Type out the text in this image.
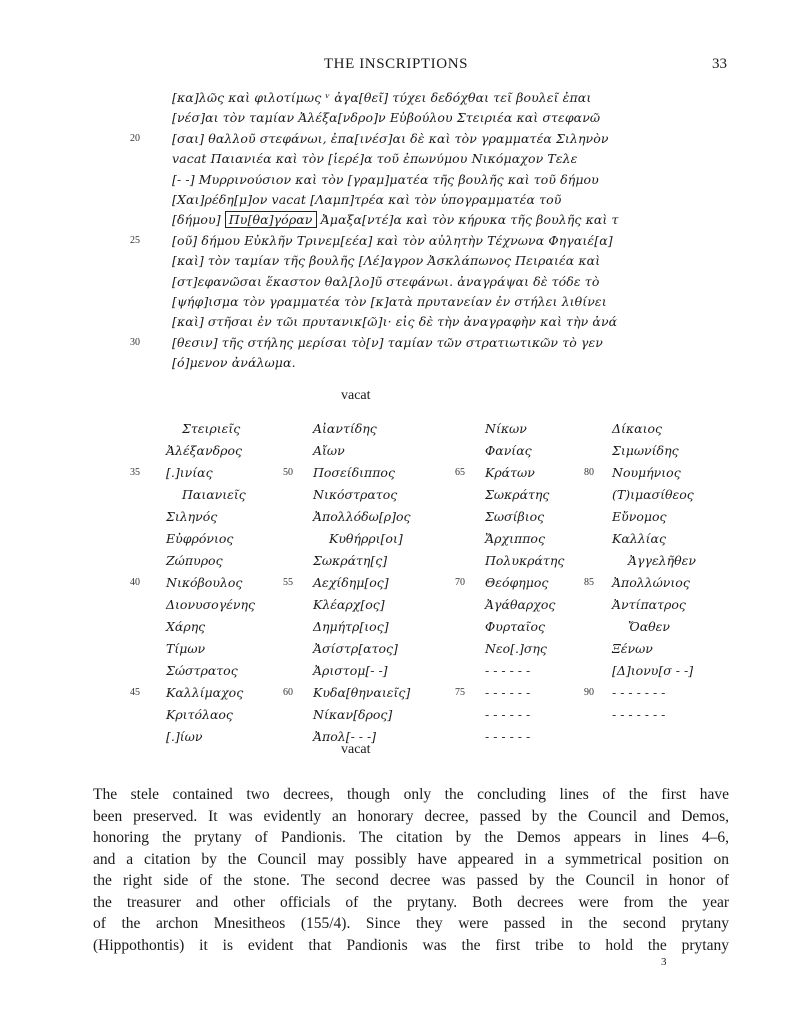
THE INSCRIPTIONS	33
[κα]λῶς καὶ φιλοτίμως ᵛ ἀγα[θεῖ] τύχει δεδόχθαι τεῖ βουλεῖ ἐπαι
[νέσ]αι τὸν ταμίαν Ἀλέξα[νδρο]ν Εὐβούλου Στειριέα καὶ στεφανῶ
[σαι] θαλλοῦ στεφάνωι, ἐπα[ινέσ]αι δὲ καὶ τὸν γραμματέα Σιληνὸν
20
vacat Παιανιέα καὶ τὸν [ἱερέ]α τοῦ ἐπωνύμου Νικόμαχον Τελε
[- -] Μυρρινούσιον καὶ τὸν [γραμ]ματέα τῆς βουλῆς καὶ τοῦ δήμου
[Χαι]ρέδη[μ]ον vacat [Λαμπ]τρέα καὶ τὸν ὑπογραμματέα τοῦ
[δήμου] Πυ[θα]γόραν Ἀμαξα[ντέ]α καὶ τὸν κήρυκα τῆς βουλῆς καὶ τ
[οῦ] δήμου Εὐκλῆν Τρινεμ[εέα] καὶ τὸν αὐλητὴν Τέχνωνα Φηγαιέ[α]
25
[καὶ] τὸν ταμίαν τῆς βουλῆς [Λέ]αγρον Ἀσκλάπωνος Πειραιέα καὶ
[στ]εφανῶσαι ἕκαστον θαλ[λο]ῦ στεφάνωι. ἀναγράψαι δὲ τόδε τὸ
[ψήφ]ισμα τὸν γραμματέα τὸν [κ]ατὰ πρυτανείαν ἐν στήλει λιθίνει
[καὶ] στῆσαι ἐν τῶι πρυτανικ[ῶ]ι· εἰς δὲ τὴν ἀναγραφὴν καὶ τὴν ἀνά
[θεσιν] τῆς στήλης μερίσαι τὸ[ν] ταμίαν τῶν στρατιωτικῶν τὸ γεν
30
[ό]μενον ἀνάλωμα.
vacat
Στειριεῖς
Ἀλέξανδρος
[.]ινίας
35
Παιανιεῖς
Σιληνός
Εὐφρόνιος
Ζώπυρος
Νικόβουλος
40
Διονυσογένης
Χάρης
Τίμων
Σώστρατος
Καλλίμαχος
45
Κριτόλαος
[.]ίων
Αἰαντίδης
Αἴων
Ποσείδιππος
50
Νικόστρατος
Ἀπολλόδω[ρ]ος
Κυθήρρι[οι]
Σωκράτη[ς]
Αεχίδημ[ος]
55
Κλέαρχ[ος]
Δημήτρ[ιος]
Ἀσίστρ[ατος]
Ἀριστομ[- -]
Κυδα[θηναιεῖς]
60
Νίκαν[δρος]
Ἀπολ[- - -]
Νίκων
Φανίας
Κράτων
65
Σωκράτης
Σωσίβιος
Ἄρχιππος
Πολυκράτης
Θεόφημος
70
Ἀγάθαρχος
Φυρταῖος
Νεο[.]σης
- - - - - -
- - - - - -
75
- - - - - -
- - - - - -
Δίκαιος
Σιμωνίδης
Νουμήνιος
80
(Τ)ιμασίθεος
Εὔνομος
Καλλίας
Ἀγγελῆθεν
Ἀπολλώνιος
85
Ἀντίπατρος
Ὄαθεν
Ξένων
[Δ]ιονυ[σ - -]
- - - - - - -
90
- - - - - - -
vacat
The stele contained two decrees, though only the concluding lines of the first have
been preserved. It was evidently an honorary decree, passed by the Council and Demos,
honoring the prytany of Pandionis. The citation by the Demos appears in lines 4–6,
and a citation by the Council may possibly have appeared in a symmetrical position on
the right side of the stone. The second decree was passed by the Council in honor of
the treasurer and other officials of the prytany. Both decrees were from the year
of the archon Mnesitheos (155/4). Since they were passed in the second prytany
(Hippothontis) it is evident that Pandionis was the first tribe to hold the prytany
3
